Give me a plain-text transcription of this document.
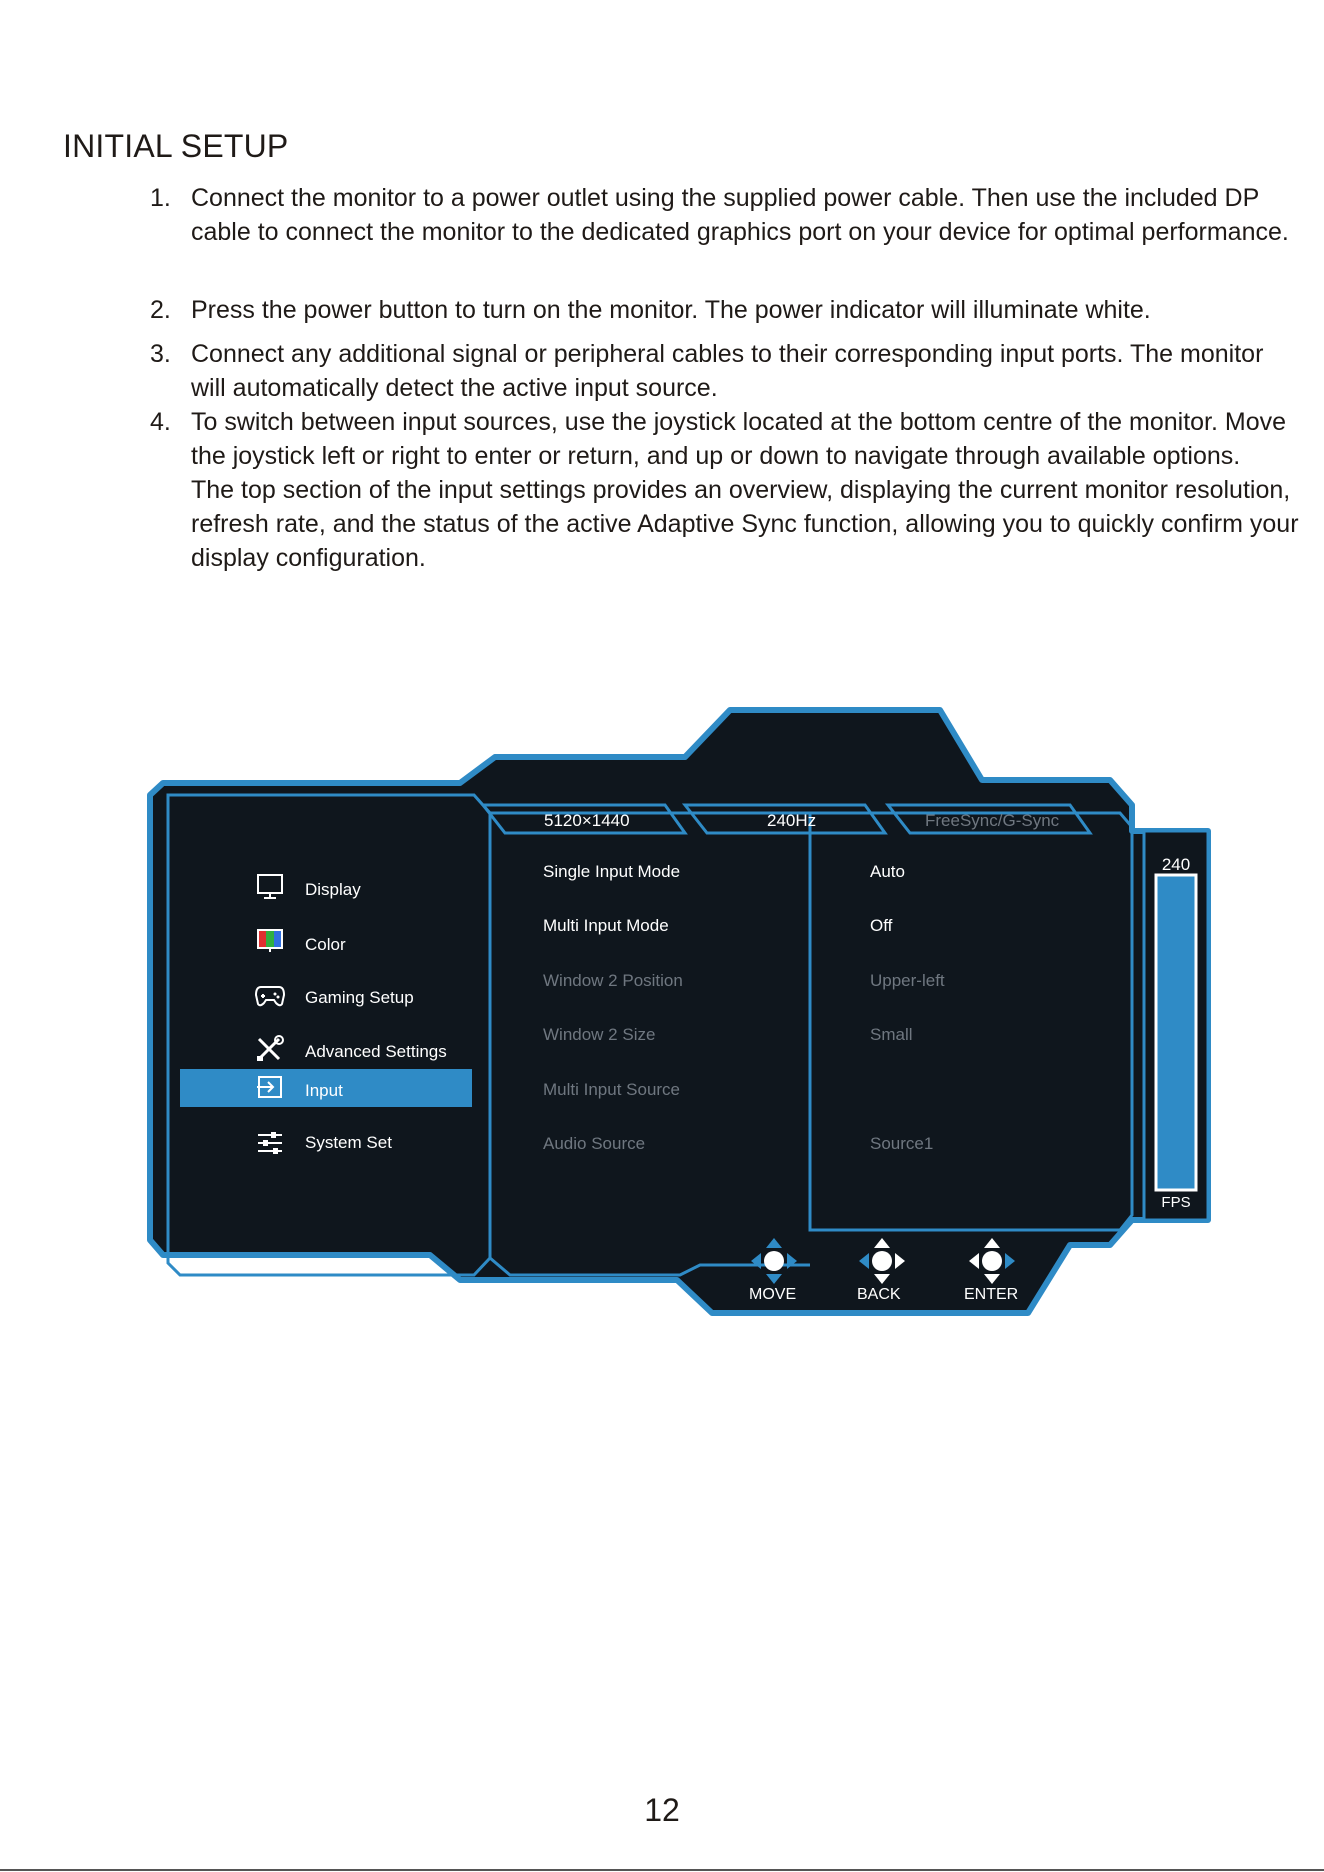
INITIAL SETUP
1. Connect the monitor to a power outlet using the supplied power cable. Then use the included DP cable to connect the monitor to the dedicated graphics port on your device for optimal performance.
2. Press the power button to turn on the monitor. The power indicator will illuminate white.
3. Connect any additional signal or peripheral cables to their corresponding input ports. The monitor will automatically detect the active input source.
4. To switch between input sources, use the joystick located at the bottom centre of the monitor. Move the joystick left or right to enter or return, and up or down to navigate through available options.

The top section of the input settings provides an overview, displaying the current monitor resolution, refresh rate, and the status of the active Adaptive Sync function, allowing you to quickly confirm your display configuration.

5120×1440	240Hz	FreeSync/G-Sync
Display
Color
Gaming Setup
Advanced Settings
Input
System Set
Single Input Mode	Auto
Multi Input Mode	Off
Window 2 Position	Upper-left
Window 2 Size	Small
Multi Input Source
Audio Source	Source1
240
FPS
MOVE	BACK	ENTER
12
